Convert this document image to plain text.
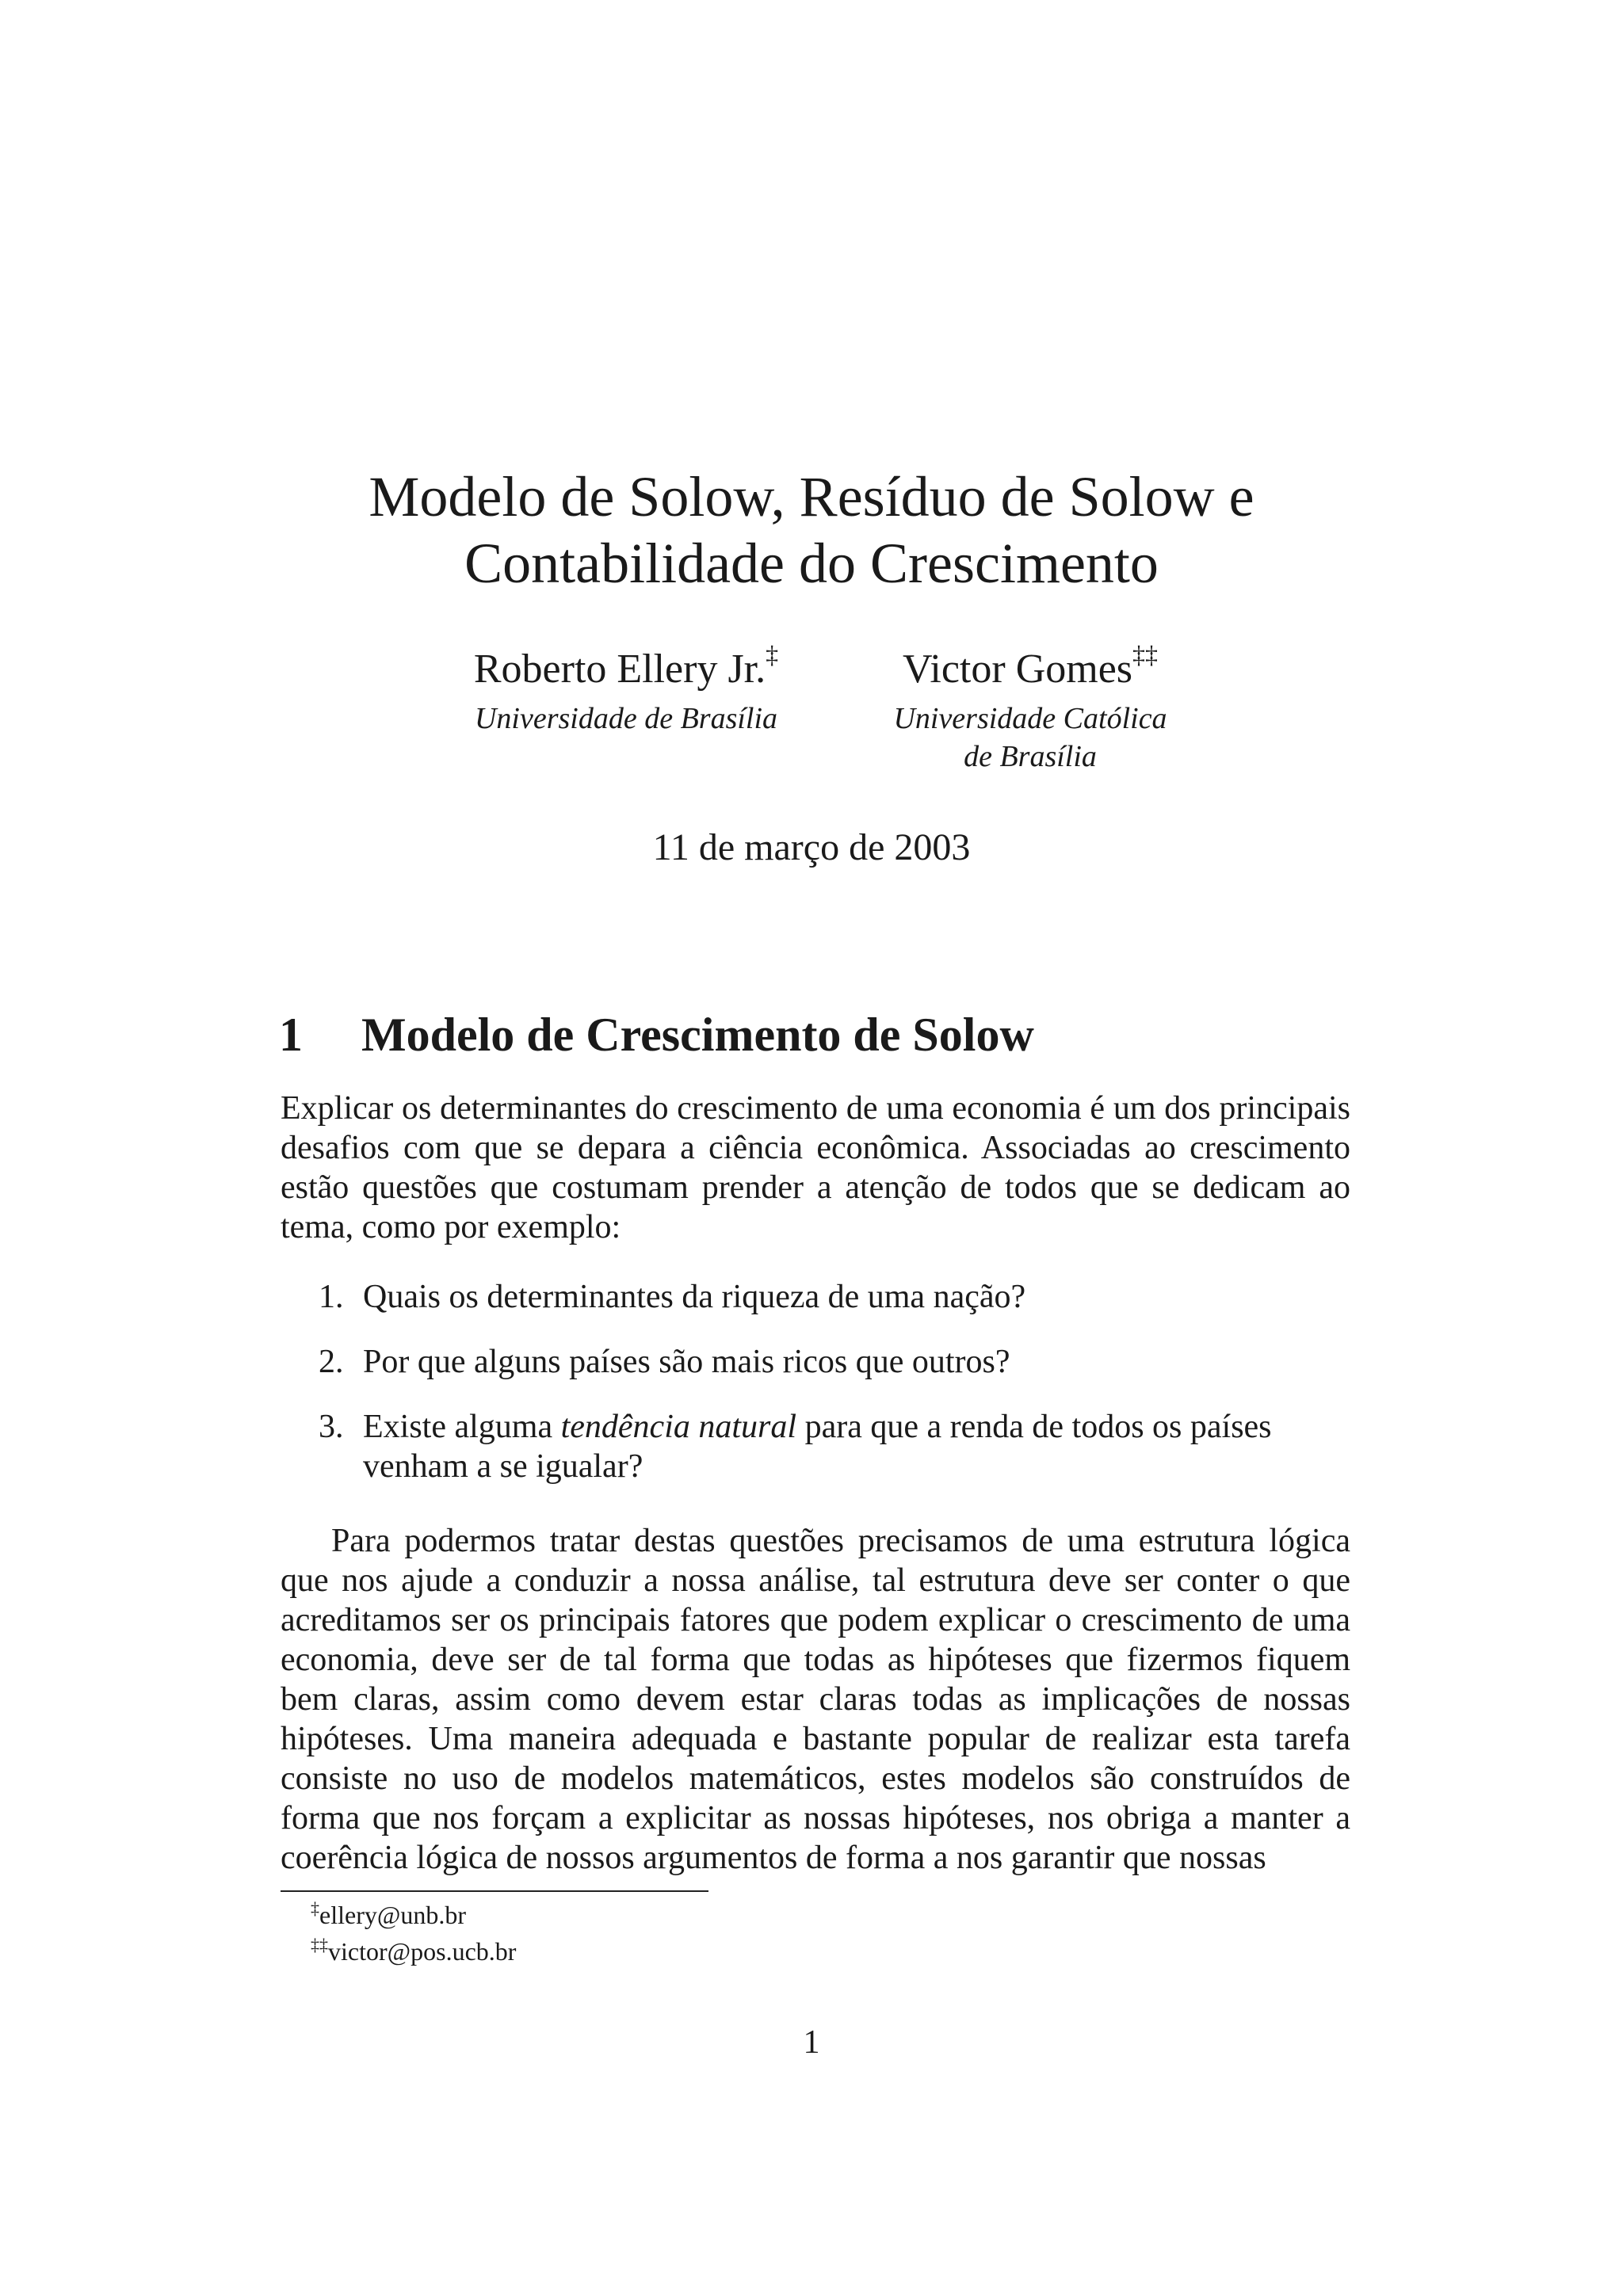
Modelo de Solow, Resíduo de Solow e
Contabilidade do Crescimento
Roberto Ellery Jr.‡
Universidade de Brasília
Victor Gomes‡‡
Universidade Católica
de Brasília
11 de março de 2003
1 Modelo de Crescimento de Solow
Explicar os determinantes do crescimento de uma economia é um dos principais desafios com que se depara a ciência econômica. Associadas ao crescimento estão questões que costumam prender a atenção de todos que se dedicam ao tema, como por exemplo:
1. Quais os determinantes da riqueza de uma nação?
2. Por que alguns países são mais ricos que outros?
3. Existe alguma tendência natural para que a renda de todos os países venham a se igualar?
Para podermos tratar destas questões precisamos de uma estrutura lógica que nos ajude a conduzir a nossa análise, tal estrutura deve ser conter o que acreditamos ser os principais fatores que podem explicar o crescimento de uma economia, deve ser de tal forma que todas as hipóteses que fizermos fiquem bem claras, assim como devem estar claras todas as implicações de nossas hipóteses. Uma maneira adequada e bastante popular de realizar esta tarefa consiste no uso de modelos matemáticos, estes modelos são construídos de forma que nos forçam a explicitar as nossas hipóteses, nos obriga a manter a coerência lógica de nossos argumentos de forma a nos garantir que nossas
‡ellery@unb.br
‡‡victor@pos.ucb.br
1
